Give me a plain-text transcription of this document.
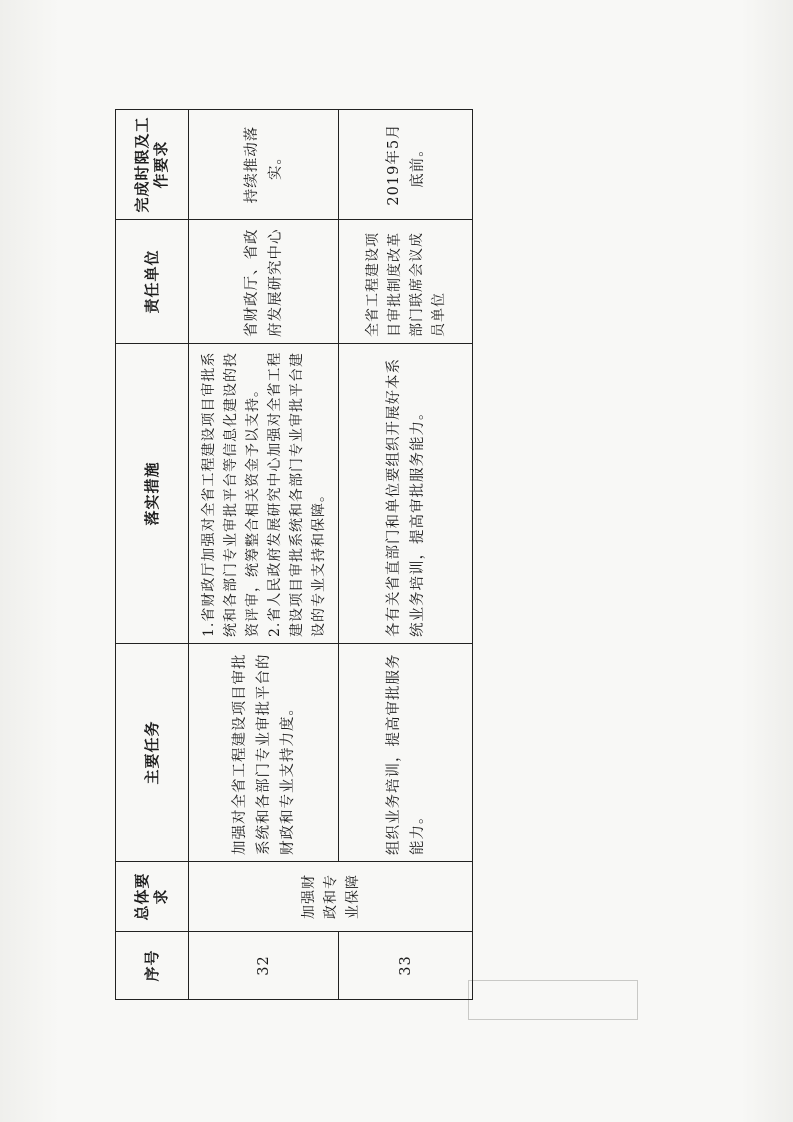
序号	总体要求	主要任务	落实措施	责任单位	完成时限及工作要求
32	加强财政和专业保障	加强对全省工程建设项目审批系统和各部门专业审批平台的财政和专业支持力度。	1.省财政厅加强对全省工程建设项目审批系统和各部门专业审批平台等信息化建设的投资评审，统筹整合相关资金予以支持。 2.省人民政府发展研究中心加强对全省工程建设项目审批系统和各部门专业审批平台建设的专业支持和保障。	省财政厅、省政府发展研究中心	持续推动落实。
33		组织业务培训，提高审批服务能力。	各有关省直部门和单位要组织开展好本系统业务培训，提高审批服务能力。	全省工程建设项目审批制度改革部门联席会议成员单位	2019年5月底前。
